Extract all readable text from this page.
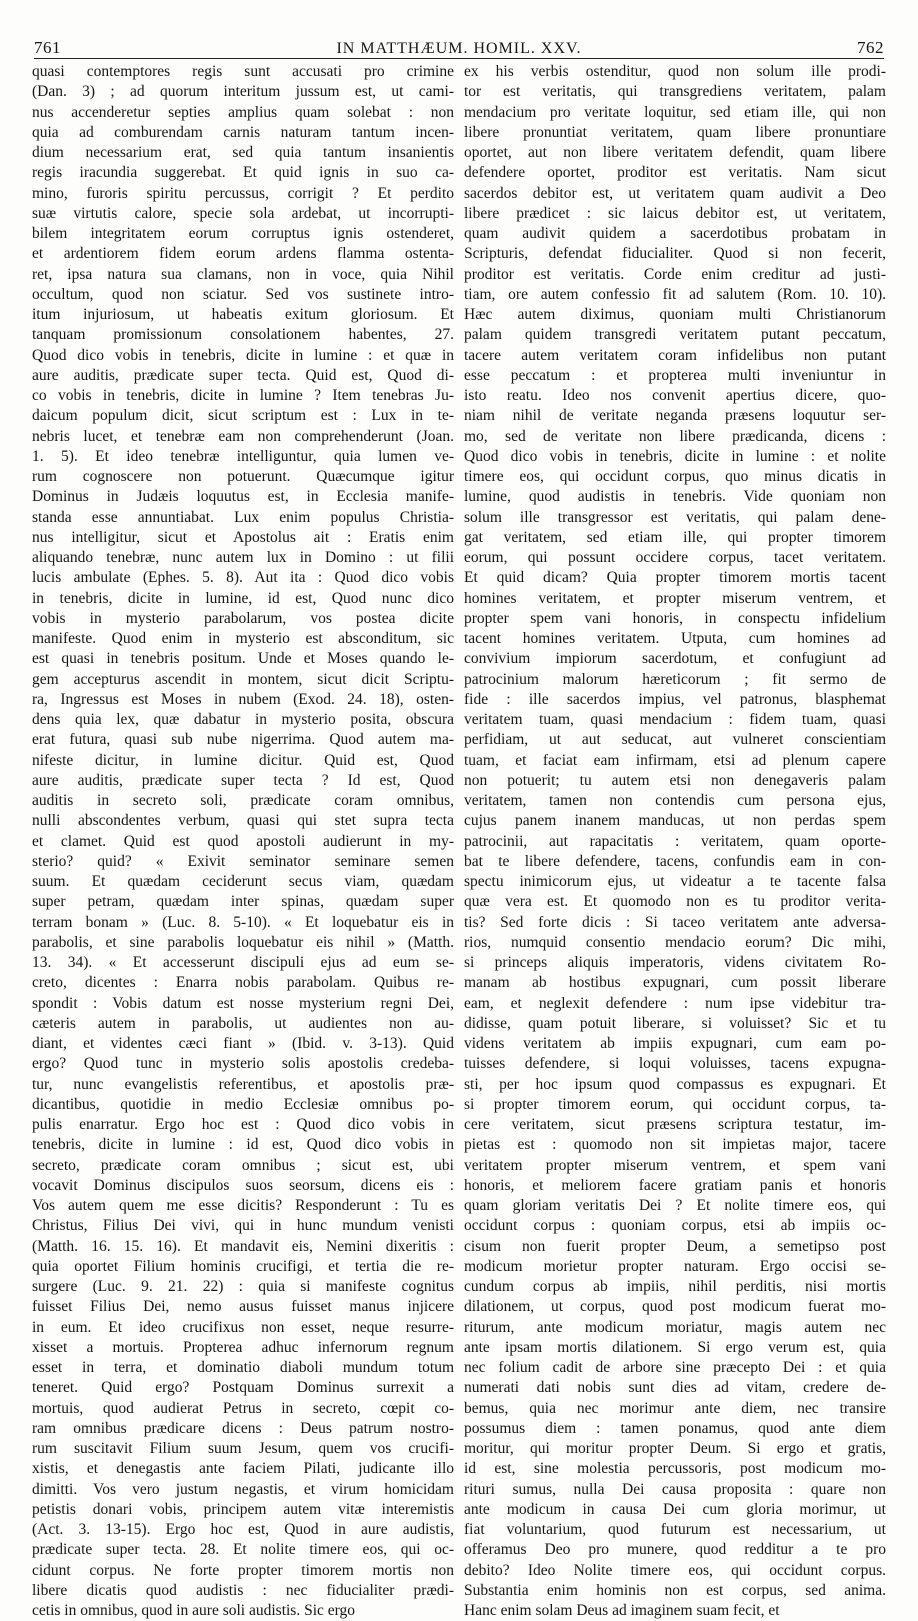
761	IN MATTHÆUM. HOMIL. XXV.	762
quasi contemptores regis sunt accusati pro crimine
(Dan. 3) ; ad quorum interitum jussum est, ut cami-
nus accenderetur septies amplius quam solebat : non
quia ad comburendam carnis naturam tantum incen-
dium necessarium erat, sed quia tantum insanientis
regis iracundia suggerebat. Et quid ignis in suo ca-
mino, furoris spiritu percussus, corrigit ? Et perdito
suæ virtutis calore, specie sola ardebat, ut incorrupti-
bilem integritatem eorum corruptus ignis ostenderet,
et ardentiorem fidem eorum ardens flamma ostenta-
ret, ipsa natura sua clamans, non in voce, quia Nihil
occultum, quod non sciatur. Sed vos sustinete intro-
itum injuriosum, ut habeatis exitum gloriosum. Et
tanquam promissionum consolationem habentes, 27.
Quod dico vobis in tenebris, dicite in lumine : et quæ in
aure auditis, prædicate super tecta. Quid est, Quod di-
co vobis in tenebris, dicite in lumine ? Item tenebras Ju-
daicum populum dicit, sicut scriptum est : Lux in te-
nebris lucet, et tenebræ eam non comprehenderunt (Joan.
1. 5). Et ideo tenebræ intelliguntur, quia lumen ve-
rum cognoscere non potuerunt. Quæcumque igitur
Dominus in Judæis loquutus est, in Ecclesia manife-
standa esse annuntiabat. Lux enim populus Christia-
nus intelligitur, sicut et Apostolus ait : Eratis enim
aliquando tenebræ, nunc autem lux in Domino : ut filii
lucis ambulate (Ephes. 5. 8). Aut ita : Quod dico vobis
in tenebris, dicite in lumine, id est, Quod nunc dico
vobis in mysterio parabolarum, vos postea dicite
manifeste. Quod enim in mysterio est absconditum, sic
est quasi in tenebris positum. Unde et Moses quando le-
gem accepturus ascendit in montem, sicut dicit Scriptu-
ra, Ingressus est Moses in nubem (Exod. 24. 18), osten-
dens quia lex, quæ dabatur in mysterio posita, obscura
erat futura, quasi sub nube nigerrima. Quod autem ma-
nifeste dicitur, in lumine dicitur. Quid est, Quod
aure auditis, prædicate super tecta ? Id est, Quod
auditis in secreto soli, prædicate coram omnibus,
nulli abscondentes verbum, quasi qui stet supra tecta
et clamet. Quid est quod apostoli audierunt in my-
sterio? quid? « Exivit seminator seminare semen
suum. Et quædam ceciderunt secus viam, quædam
super petram, quædam inter spinas, quædam super
terram bonam » (Luc. 8. 5-10). « Et loquebatur eis in
parabolis, et sine parabolis loquebatur eis nihil » (Matth.
13. 34). « Et accesserunt discipuli ejus ad eum se-
creto, dicentes : Enarra nobis parabolam. Quibus re-
spondit : Vobis datum est nosse mysterium regni Dei,
cæteris autem in parabolis, ut audientes non au-
diant, et videntes cæci fiant » (Ibid. v. 3-13). Quid
ergo? Quod tunc in mysterio solis apostolis credeba-
tur, nunc evangelistis referentibus, et apostolis præ-
dicantibus, quotidie in medio Ecclesiæ omnibus po-
pulis enarratur. Ergo hoc est : Quod dico vobis in
tenebris, dicite in lumine : id est, Quod dico vobis in
secreto, prædicate coram omnibus ; sicut est, ubi
vocavit Dominus discipulos suos seorsum, dicens eis :
Vos autem quem me esse dicitis? Responderunt : Tu es
Christus, Filius Dei vivi, qui in hunc mundum venisti
(Matth. 16. 15. 16). Et mandavit eis, Nemini dixeritis :
quia oportet Filium hominis crucifigi, et tertia die re-
surgere (Luc. 9. 21. 22) : quia si manifeste cognitus
fuisset Filius Dei, nemo ausus fuisset manus injicere
in eum. Et ideo crucifixus non esset, neque resurre-
xisset a mortuis. Propterea adhuc infernorum regnum
esset in terra, et dominatio diaboli mundum totum
teneret. Quid ergo? Postquam Dominus surrexit a
mortuis, quod audierat Petrus in secreto, cœpit co-
ram omnibus prædicare dicens : Deus patrum nostro-
rum suscitavit Filium suum Jesum, quem vos crucifi-
xistis, et denegastis ante faciem Pilati, judicante illo
dimitti. Vos vero justum negastis, et virum homicidam
petistis donari vobis, principem autem vitæ interemistis
(Act. 3. 13-15). Ergo hoc est, Quod in aure audistis,
prædicate super tecta. 28. Et nolite timere eos, qui oc-
cidunt corpus. Ne forte propter timorem mortis non
libere dicatis quod audistis : nec fiducialiter prædi-
cetis in omnibus, quod in aure soli audistis. Sic ergo
ex his verbis ostenditur, quod non solum ille prodi-
tor est veritatis, qui transgrediens veritatem, palam
mendacium pro veritate loquitur, sed etiam ille, qui non
libere pronuntiat veritatem, quam libere pronuntiare
oportet, aut non libere veritatem defendit, quam libere
defendere oportet, proditor est veritatis. Nam sicut
sacerdos debitor est, ut veritatem quam audivit a Deo
libere prædicet : sic laicus debitor est, ut veritatem,
quam audivit quidem a sacerdotibus probatam in
Scripturis, defendat fiducialiter. Quod si non fecerit,
proditor est veritatis. Corde enim creditur ad justi-
tiam, ore autem confessio fit ad salutem (Rom. 10. 10).
Hæc autem diximus, quoniam multi Christianorum
palam quidem transgredi veritatem putant peccatum,
tacere autem veritatem coram infidelibus non putant
esse peccatum : et propterea multi inveniuntur in
isto reatu. Ideo nos convenit apertius dicere, quo-
niam nihil de veritate neganda præsens loquutur ser-
mo, sed de veritate non libere prædicanda, dicens :
Quod dico vobis in tenebris, dicite in lumine : et nolite
timere eos, qui occidunt corpus, quo minus dicatis in
lumine, quod audistis in tenebris. Vide quoniam non
solum ille transgressor est veritatis, qui palam dene-
gat veritatem, sed etiam ille, qui propter timorem
eorum, qui possunt occidere corpus, tacet veritatem.
Et quid dicam? Quia propter timorem mortis tacent
homines veritatem, et propter miserum ventrem, et
propter spem vani honoris, in conspectu infidelium
tacent homines veritatem. Utputa, cum homines ad
convivium impiorum sacerdotum, et confugiunt ad
patrocinium malorum hæreticorum ; fit sermo de
fide : ille sacerdos impius, vel patronus, blasphemat
veritatem tuam, quasi mendacium : fidem tuam, quasi
perfidiam, ut aut seducat, aut vulneret conscientiam
tuam, et faciat eam infirmam, etsi ad plenum capere
non potuerit; tu autem etsi non denegaveris palam
veritatem, tamen non contendis cum persona ejus,
cujus panem inanem manducas, ut non perdas spem
patrocinii, aut rapacitatis : veritatem, quam oporte-
bat te libere defendere, tacens, confundis eam in con-
spectu inimicorum ejus, ut videatur a te tacente falsa
quæ vera est. Et quomodo non es tu proditor verita-
tis? Sed forte dicis : Si taceo veritatem ante adversa-
rios, numquid consentio mendacio eorum? Dic mihi,
si princeps aliquis imperatoris, videns civitatem Ro-
manam ab hostibus expugnari, cum possit liberare
eam, et neglexit defendere : num ipse videbitur tra-
didisse, quam potuit liberare, si voluisset? Sic et tu
videns veritatem ab impiis expugnari, cum eam po-
tuisses defendere, si loqui voluisses, tacens expugna-
sti, per hoc ipsum quod compassus es expugnari. Et
si propter timorem eorum, qui occidunt corpus, ta-
cere veritatem, sicut præsens scriptura testatur, im-
pietas est : quomodo non sit impietas major, tacere
veritatem propter miserum ventrem, et spem vani
honoris, et meliorem facere gratiam panis et honoris
quam gloriam veritatis Dei ? Et nolite timere eos, qui
occidunt corpus : quoniam corpus, etsi ab impiis oc-
cisum non fuerit propter Deum, a semetipso post
modicum morietur propter naturam. Ergo occisi se-
cundum corpus ab impiis, nihil perditis, nisi mortis
dilationem, ut corpus, quod post modicum fuerat mo-
riturum, ante modicum moriatur, magis autem nec
ante ipsam mortis dilationem. Si ergo verum est, quia
nec folium cadit de arbore sine præcepto Dei : et quia
numerati dati nobis sunt dies ad vitam, credere de-
bemus, quia nec morimur ante diem, nec transire
possumus diem : tamen ponamus, quod ante diem
moritur, qui moritur propter Deum. Si ergo et gratis,
id est, sine molestia percussoris, post modicum mo-
rituri sumus, nulla Dei causa proposita : quare non
ante modicum in causa Dei cum gloria morimur, ut
fiat voluntarium, quod futurum est necessarium, ut
offeramus Deo pro munere, quod redditur a te pro
debito? Ideo Nolite timere eos, qui occidunt corpus.
Substantia enim hominis non est corpus, sed anima.
Hanc enim solam Deus ad imaginem suam fecit, et
